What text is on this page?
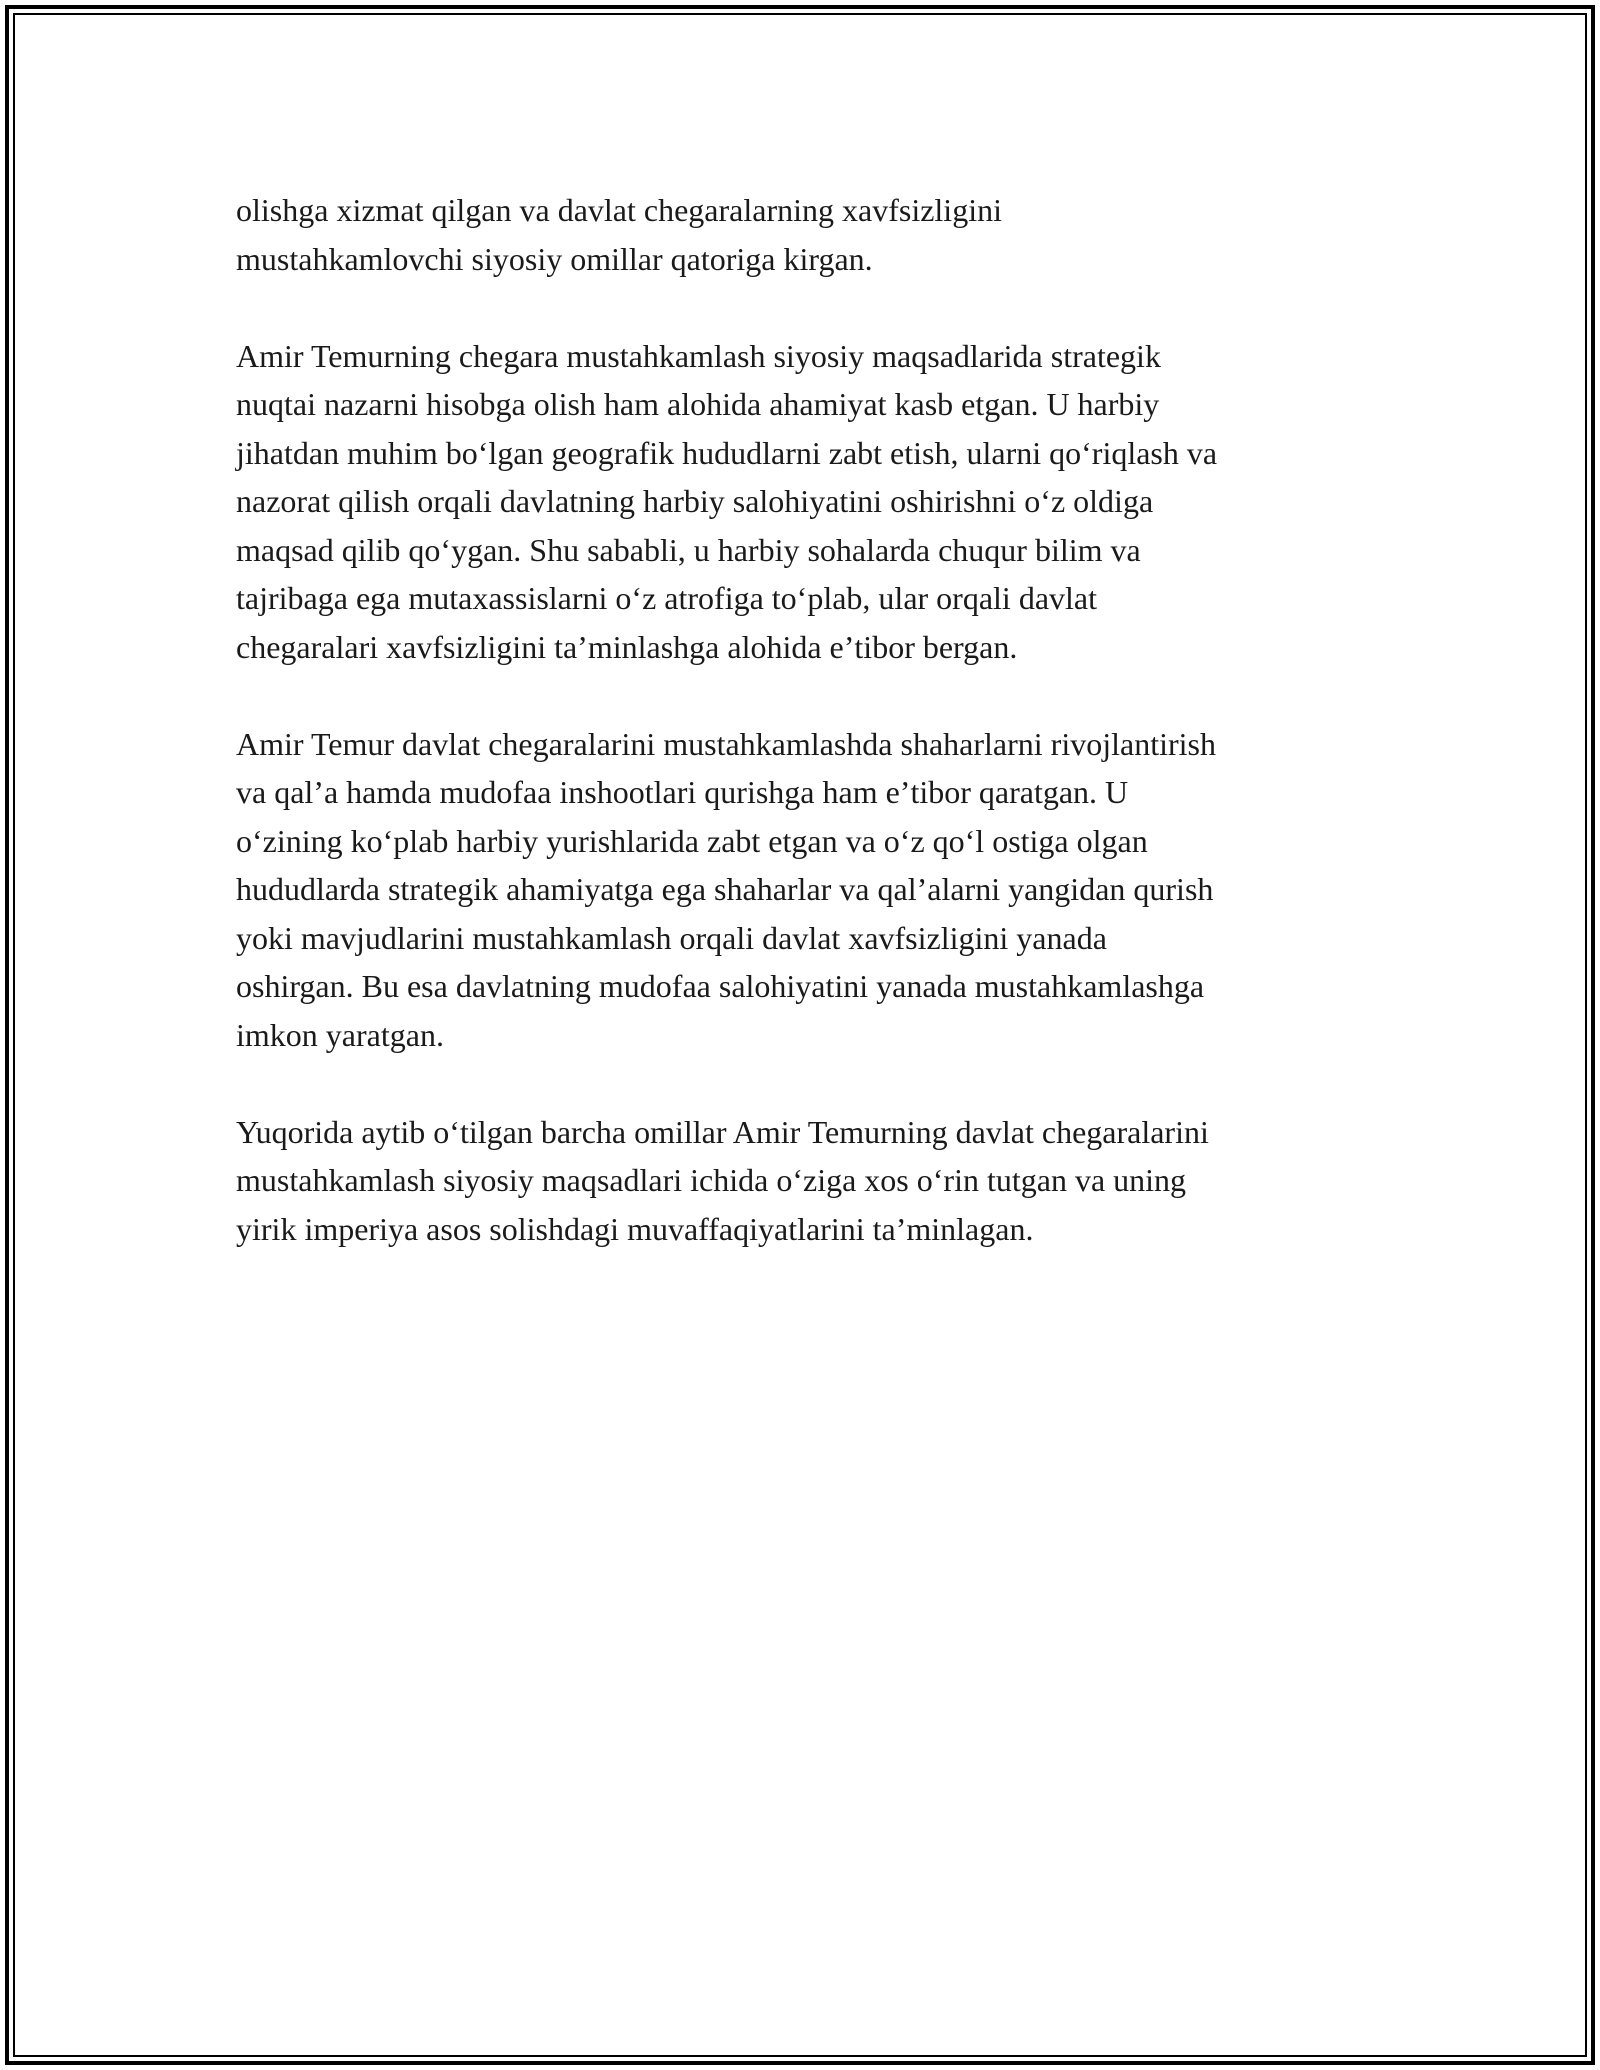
olishga xizmat qilgan va davlat chegaralarning xavfsizligini
mustahkamlovchi siyosiy omillar qatoriga kirgan.

Amir Temurning chegara mustahkamlash siyosiy maqsadlarida strategik
nuqtai nazarni hisobga olish ham alohida ahamiyat kasb etgan. U harbiy
jihatdan muhim boʻlgan geografik hududlarni zabt etish, ularni qoʻriqlash va
nazorat qilish orqali davlatning harbiy salohiyatini oshirishni oʻz oldiga
maqsad qilib qoʻygan. Shu sababli, u harbiy sohalarda chuqur bilim va
tajribaga ega mutaxassislarni oʻz atrofiga toʻplab, ular orqali davlat
chegaralari xavfsizligini taʼminlashga alohida eʼtibor bergan.

Amir Temur davlat chegaralarini mustahkamlashda shaharlarni rivojlantirish
va qalʼa hamda mudofaa inshootlari qurishga ham eʼtibor qaratgan. U
oʻzining koʻplab harbiy yurishlarida zabt etgan va oʻz qoʻl ostiga olgan
hududlarda strategik ahamiyatga ega shaharlar va qalʼalarni yangidan qurish
yoki mavjudlarini mustahkamlash orqali davlat xavfsizligini yanada
oshirgan. Bu esa davlatning mudofaa salohiyatini yanada mustahkamlashga
imkon yaratgan.

Yuqorida aytib oʻtilgan barcha omillar Amir Temurning davlat chegaralarini
mustahkamlash siyosiy maqsadlari ichida oʻziga xos oʻrin tutgan va uning
yirik imperiya asos solishdagi muvaffaqiyatlarini taʼminlagan.
